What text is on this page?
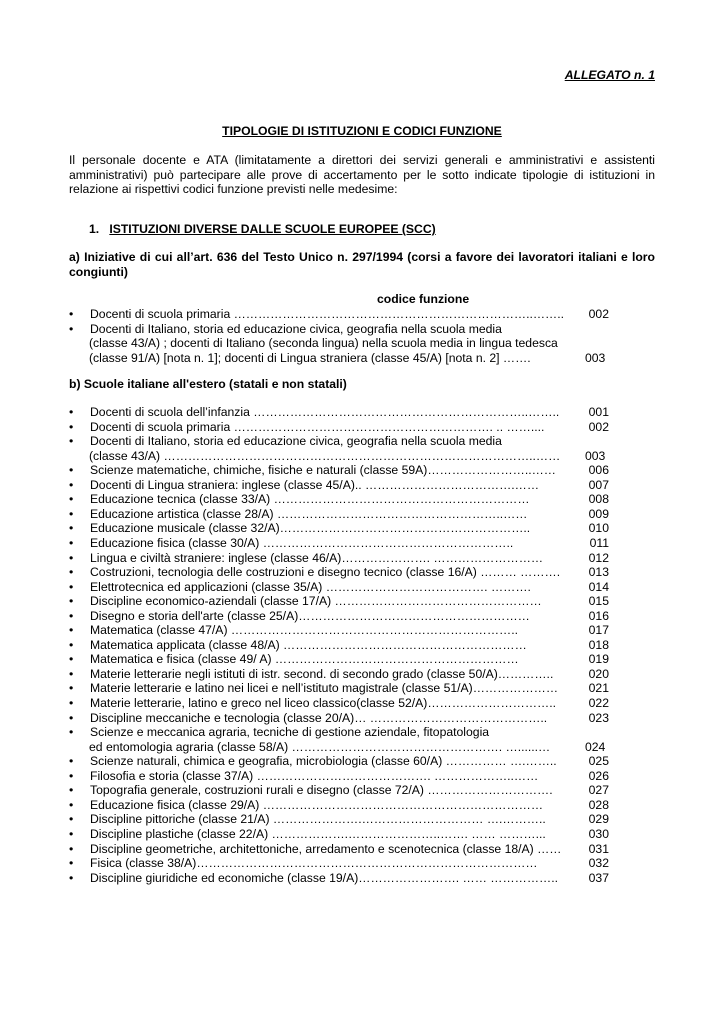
ALLEGATO n. 1
TIPOLOGIE DI ISTITUZIONI E CODICI FUNZIONE
Il personale docente e ATA (limitatamente a direttori dei servizi generali e amministrativi e assistenti amministrativi) può partecipare alle prove di accertamento per le sotto indicate tipologie di istituzioni in relazione ai rispettivi codici funzione previsti nelle medesime:
1. ISTITUZIONI DIVERSE DALLE SCUOLE EUROPEE (SCC)
a) Iniziative di cui all’art. 636 del Testo Unico n. 297/1994 (corsi a favore dei lavoratori italiani e loro congiunti)
codice funzione
• Docenti di scuola primaria ………………………………………………………………..…….. 002
• Docenti di Italiano, storia ed educazione civica, geografia nella scuola media
(classe 43/A) ; docenti di Italiano (seconda lingua) nella scuola media in lingua tedesca
(classe 91/A) [nota n. 1]; docenti di Lingua straniera (classe 45/A) [nota n. 2] …….	003
b) Scuole italiane all'estero (statali e non statali)
• Docenti di scuola dell’infanzia …………………………………………………………..…….. 001
• Docenti di scuola primaria ………………………………………………………. .. ……....	002
• Docenti di Italiano, storia ed educazione civica, geografia nella scuola media
(classe 43/A) ………………………………………………………………………………..…… 003
• Scienze matematiche, chimiche, fisiche e naturali (classe 59A)……………………..……	006
• Docenti di Lingua straniera: inglese (classe 45/A).. ……………………………….……	007
• Educazione tecnica (classe 33/A) ………………………………………………………	008
• Educazione artistica (classe 28/A) ………………………………………………..……	009
• Educazione musicale (classe 32/A)……………………………………………………..	010
• Educazione fisica (classe 30/A) ……………………………………………………..	011
• Lingua e civiltà straniere: inglese (classe 46/A)…………………. ………………………	012
• Costruzioni, tecnologia delle costruzioni e disegno tecnico (classe 16/A) ……… ………. 013
• Elettrotecnica ed applicazioni (classe 35/A) …………………………………. ……….	014
• Discipline economico-aziendali (classe 17/A) ……………………………………………	015
• Disegno e storia dell'arte (classe 25/A)…………………………………………………	016
• Matematica (classe 47/A) ……………………………………………………………..	017
• Matematica applicata (classe 48/A) ……………………………………………………	018
• Matematica e fisica (classe 49/ A) ……………………………………………………	019
• Materie letterarie negli istituti di istr. second. di secondo grado (classe 50/A)…………..	020
• Materie letterarie e latino nei licei e nell’istituto magistrale (classe 51/A)…………………	021
• Materie letterarie, latino e greco nel liceo classico(classe 52/A)…………………………..	022
• Discipline meccaniche e tecnologia (classe 20/A)… ……………………………………..	023
• Scienze e meccanica agraria, tecniche di gestione aziendale, fitopatologia
ed entomologia agraria (classe 58/A) ……………………………………………. …......…	024
• Scienze naturali, chimica e geografia, microbiologia (classe 60/A) …………… ….……..	025
• Filosofia e storia (classe 37/A) ……………………………………. ………………..……	026
• Topografia generale, costruzioni rurali e disegno (classe 72/A) ………………………….	027
• Educazione fisica (classe 29/A) ……………………………………………………………	028
• Discipline pittoriche (classe 21/A) ………………….………………………… ….………..	029
• Discipline plastiche (classe 22/A) ……………….…………………..……. …… ………...	030
• Discipline geometriche, architettoniche, arredamento e scenotecnica (classe 18/A) …… 031
• Fisica (classe 38/A)…………………………………………………………………………	032
• Discipline giuridiche ed economiche (classe 19/A)……………………. …… ……………..	037
